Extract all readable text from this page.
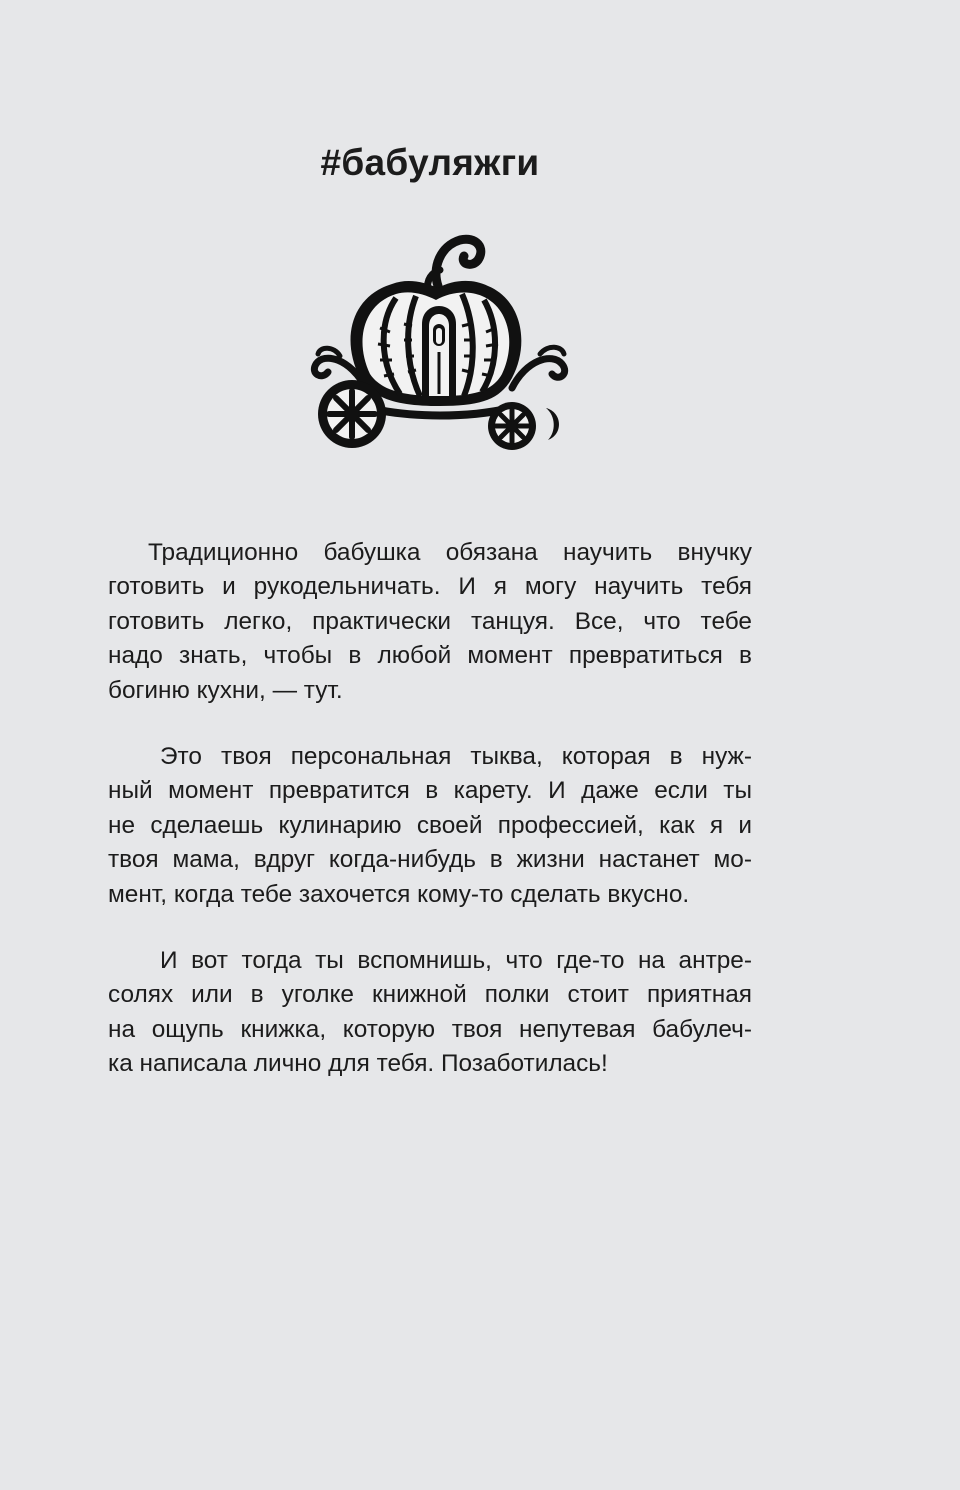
#бабуляжги

Традиционно бабушка обязана научить внучку
готовить и рукодельничать. И я могу научить тебя
готовить легко, практически танцуя. Все, что тебе
надо знать, чтобы в любой момент превратиться в
богиню кухни, — тут.

Это твоя персональная тыква, которая в нуж-
ный момент превратится в карету. И даже если ты
не сделаешь кулинарию своей профессией, как я и
твоя мама, вдруг когда-нибудь в жизни настанет мо-
мент, когда тебе захочется кому-то сделать вкусно.

И вот тогда ты вспомнишь, что где-то на антре-
солях или в уголке книжной полки стоит приятная
на ощупь книжка, которую твоя непутевая бабулеч-
ка написала лично для тебя. Позаботилась!
